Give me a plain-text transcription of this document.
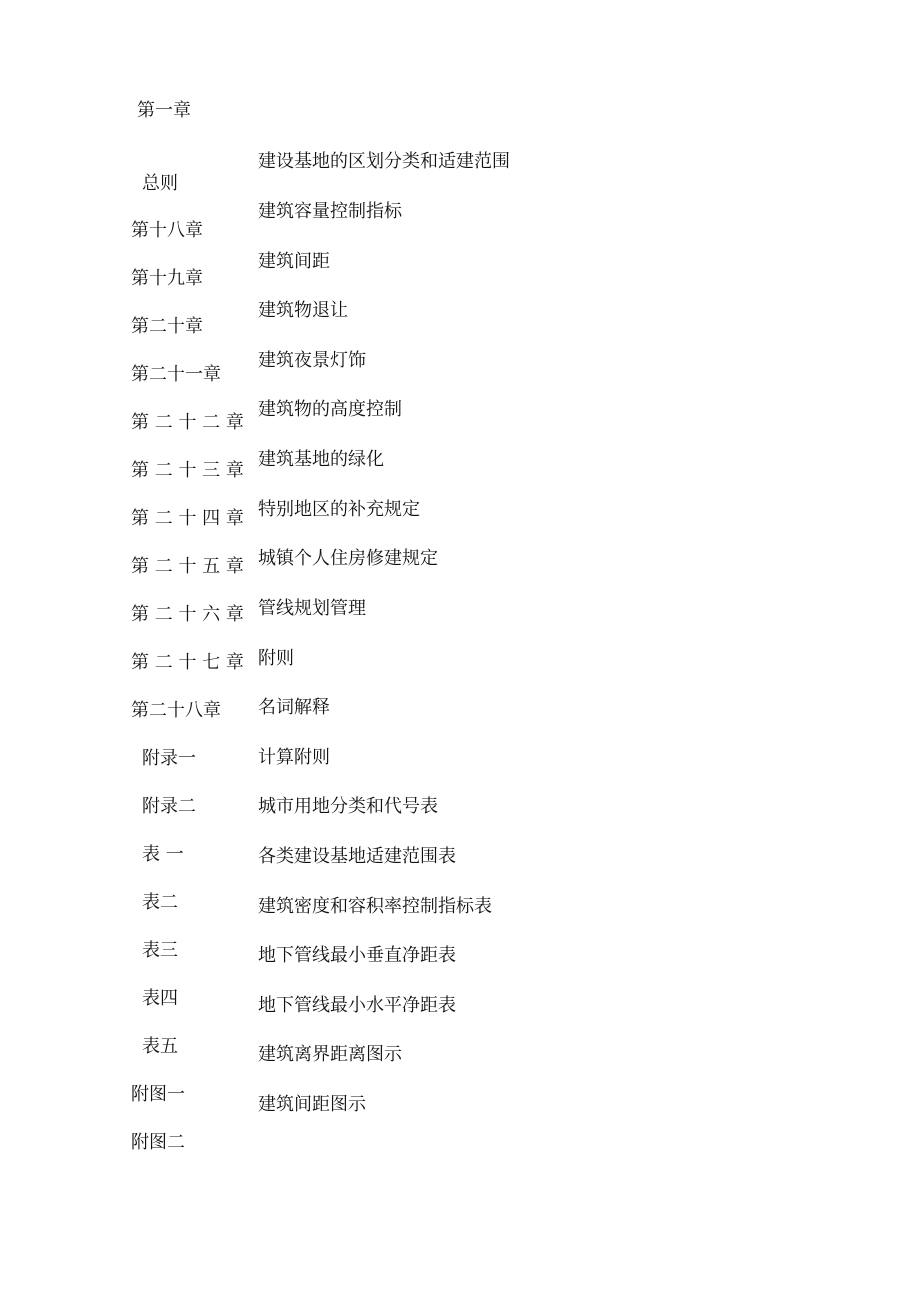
第一章
总则
第十八章
第十九章
第二十章
第二十一章
第 二 十 二 章
第 二 十 三 章
第 二 十 四 章
第 二 十 五 章
第 二 十 六 章
第 二 十 七 章
第二十八章
附录一
附录二
表 一
表二
表三
表四
表五
附图一
附图二
建设基地的区划分类和适建范围
建筑容量控制指标
建筑间距
建筑物退让
建筑夜景灯饰
建筑物的高度控制
建筑基地的绿化
特别地区的补充规定
城镇个人住房修建规定
管线规划管理
附则
名词解释
计算附则
城市用地分类和代号表
各类建设基地适建范围表
建筑密度和容积率控制指标表
地下管线最小垂直净距表
地下管线最小水平净距表
建筑离界距离图示
建筑间距图示
